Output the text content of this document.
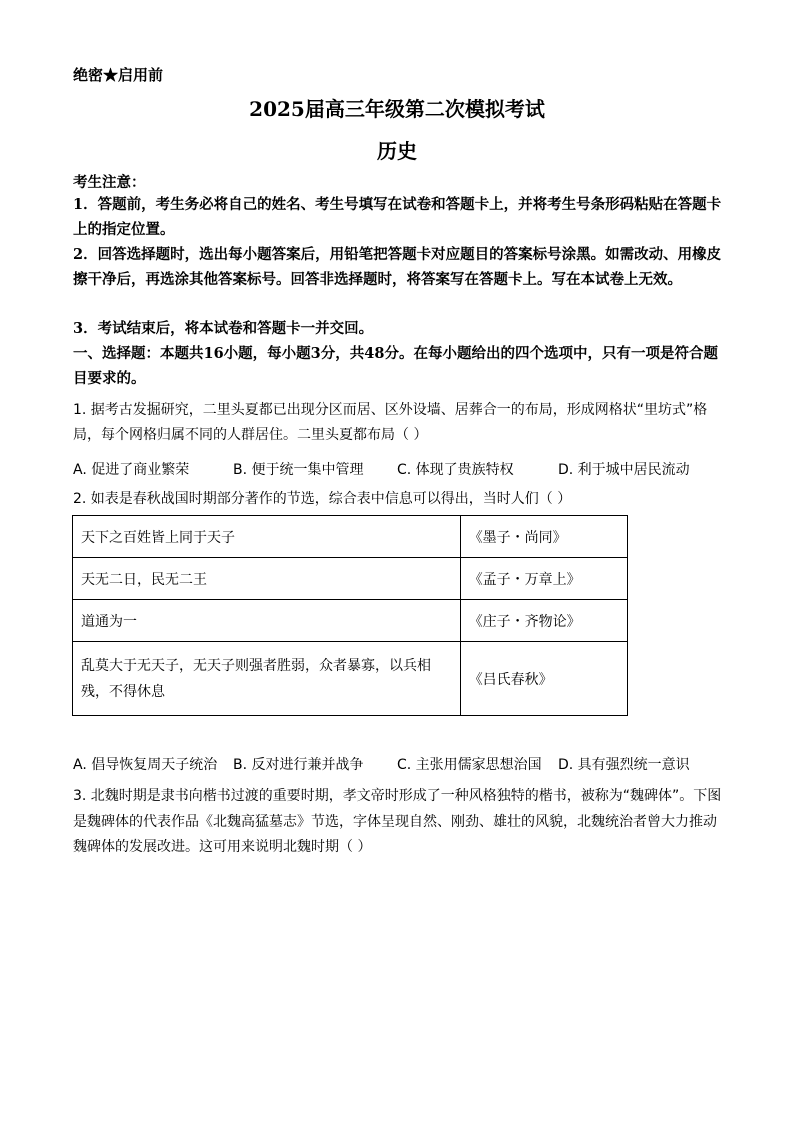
绝密★启用前
2025届高三年级第二次模拟考试
历史
考生注意：
1．答题前，考生务必将自己的姓名、考生号填写在试卷和答题卡上，并将考生号条形码粘贴在答题卡上的指定位置。
2．回答选择题时，选出每小题答案后，用铅笔把答题卡对应题目的答案标号涂黑。如需改动、用橡皮擦干净后，再选涂其他答案标号。回答非选择题时，将答案写在答题卡上。写在本试卷上无效。
3．考试结束后，将本试卷和答题卡一并交回。
一、选择题：本题共16小题，每小题3分，共48分。在每小题给出的四个选项中，只有一项是符合题目要求的。
1. 据考古发掘研究，二里头夏都已出现分区而居、区外设墙、居葬合一的布局，形成网格状“里坊式”格局，每个网格归属不同的人群居住。二里头夏都布局（ ）
A. 促进了商业繁荣	B. 便于统一集中管理 C. 体现了贵族特权	D. 利于城中居民流动
2. 如表是春秋战国时期部分著作的节选，综合表中信息可以得出，当时人们（ ）
天下之百姓皆上同于天子	《墨子・尚同》
天无二日，民无二王	《孟子・万章上》
道通为一	《庄子・齐物论》

乱莫大于无天子，无天子则强者胜弱，众者暴寡，以兵相残，不得休息	《吕氏春秋》
A. 倡导恢复周天子统治 B. 反对进行兼并战争 C. 主张用儒家思想治国 D. 具有强烈统一意识
3. 北魏时期是隶书向楷书过渡的重要时期，孝文帝时形成了一种风格独特的楷书，被称为“魏碑体”。下图是魏碑体的代表作品《北魏高猛墓志》节选，字体呈现自然、刚劲、雄壮的风貌，北魏统治者曾大力推动魏碑体的发展改进。这可用来说明北魏时期（ ）
